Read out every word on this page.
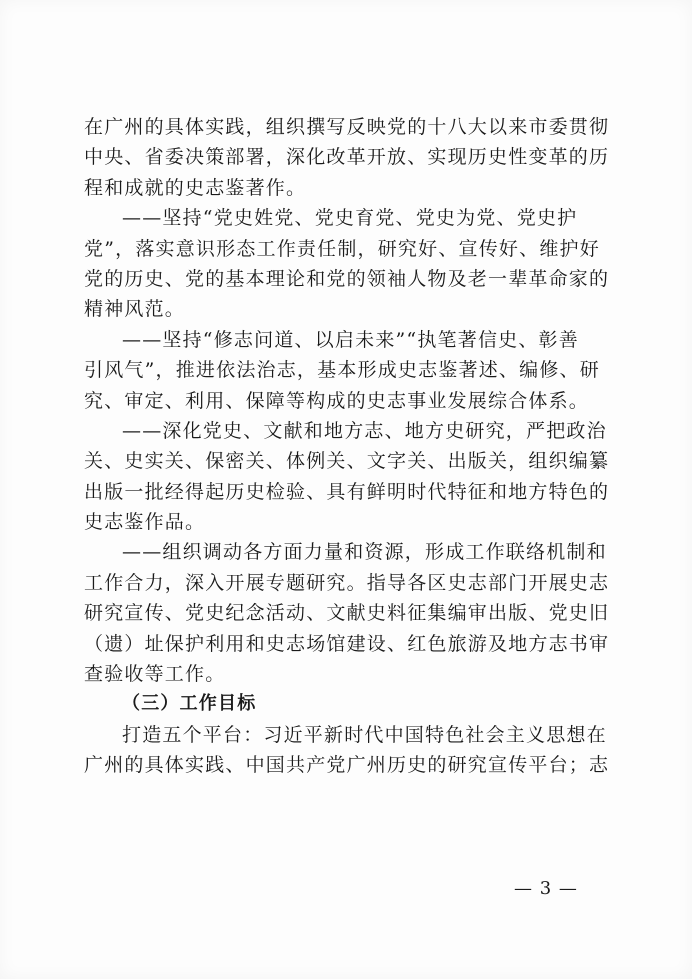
在广州的具体实践，组织撰写反映党的十八大以来市委贯彻
中央、省委决策部署，深化改革开放、实现历史性变革的历
程和成就的史志鉴著作。
——坚持“党史姓党、党史育党、党史为党、党史护
党”，落实意识形态工作责任制，研究好、宣传好、维护好
党的历史、党的基本理论和党的领袖人物及老一辈革命家的
精神风范。
——坚持“修志问道、以启未来”“执笔著信史、彰善
引风气”，推进依法治志，基本形成史志鉴著述、编修、研
究、审定、利用、保障等构成的史志事业发展综合体系。
——深化党史、文献和地方志、地方史研究，严把政治
关、史实关、保密关、体例关、文字关、出版关，组织编纂
出版一批经得起历史检验、具有鲜明时代特征和地方特色的
史志鉴作品。
——组织调动各方面力量和资源，形成工作联络机制和
工作合力，深入开展专题研究。指导各区史志部门开展史志
研究宣传、党史纪念活动、文献史料征集编审出版、党史旧
（遗）址保护利用和史志场馆建设、红色旅游及地方志书审
查验收等工作。
（三）工作目标
打造五个平台：习近平新时代中国特色社会主义思想在
广州的具体实践、中国共产党广州历史的研究宣传平台；志
— 3 —
